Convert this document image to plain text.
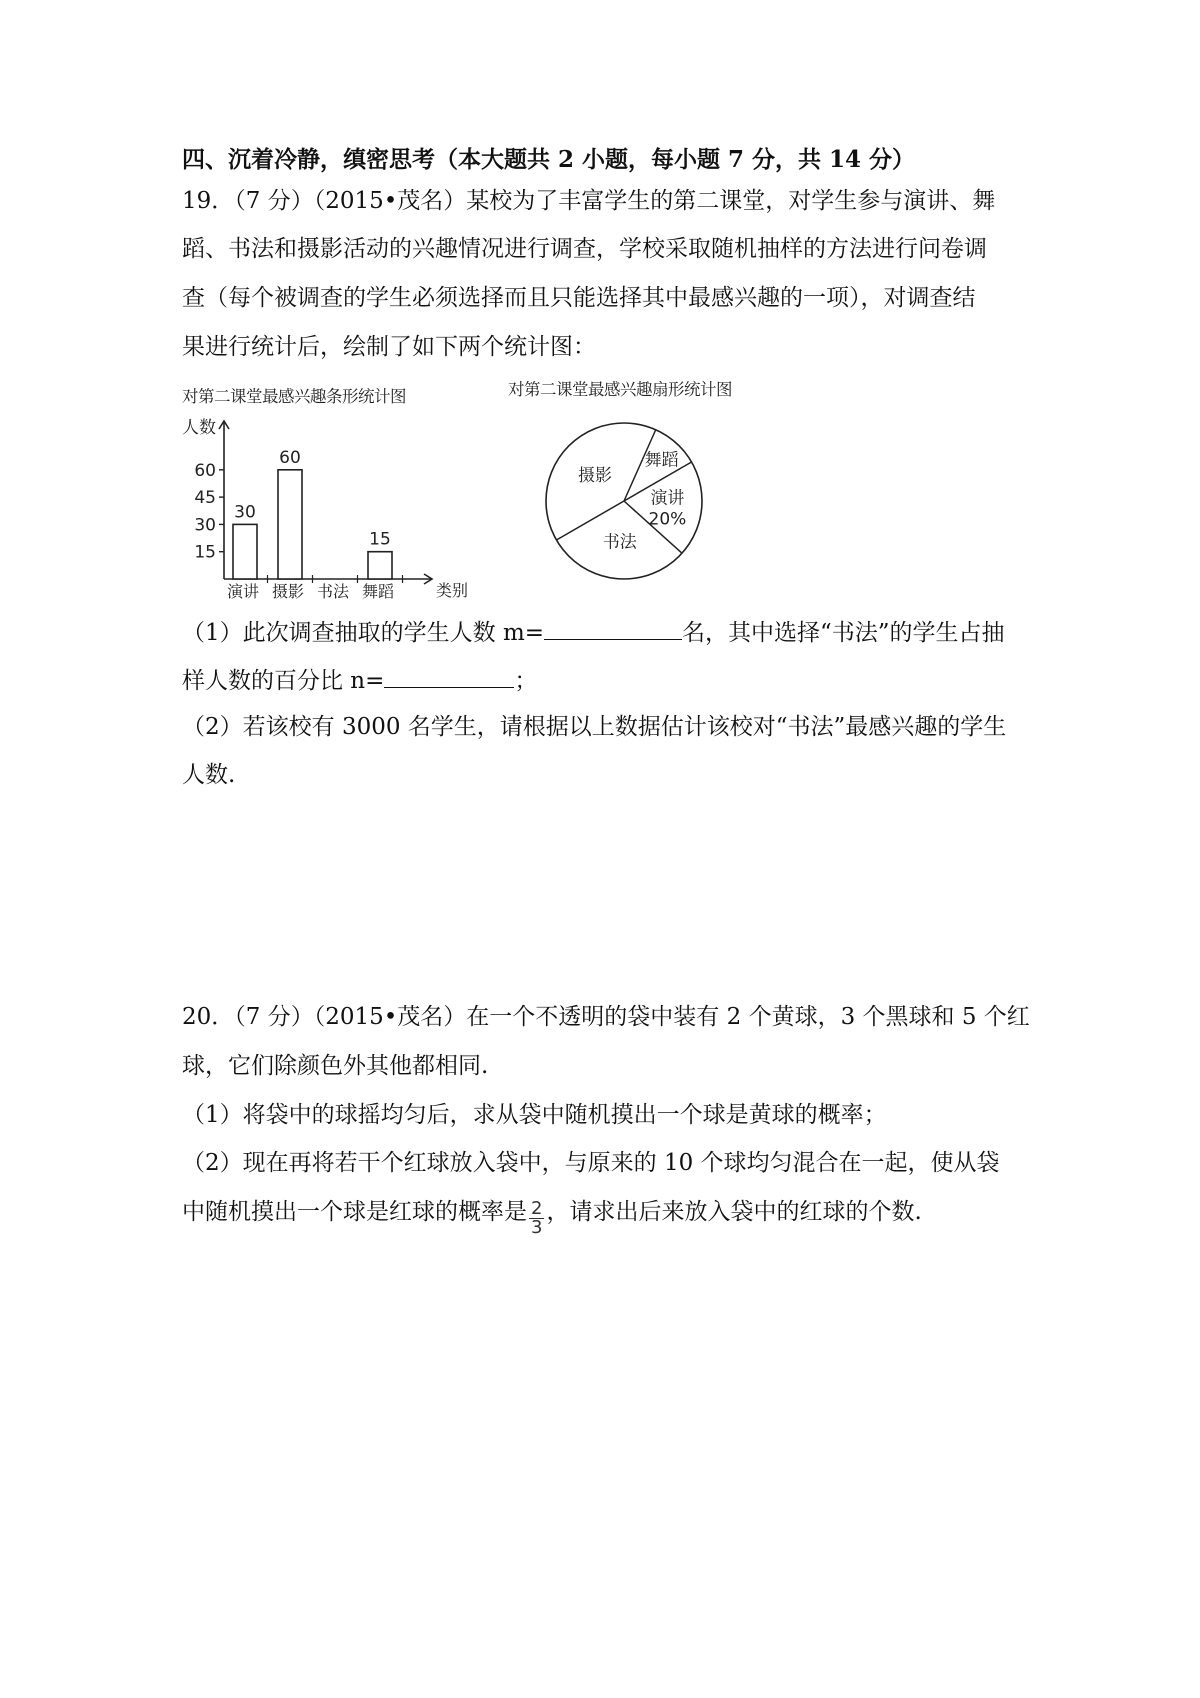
四、沉着冷静，缜密思考（本大题共 2 小题，每小题 7 分，共 14 分）
19．（7 分）（2015•茂名）某校为了丰富学生的第二课堂，对学生参与演讲、舞
蹈、书法和摄影活动的兴趣情况进行调查，学校采取随机抽样的方法进行问卷调
查（每个被调查的学生必须选择而且只能选择其中最感兴趣的一项），对调查结
果进行统计后，绘制了如下两个统计图：
对第二课堂最感兴趣条形统计图
人数
类别
15
30
45
60
演讲
30
摄影
60
书法 舞蹈
15
对第二课堂最感兴趣扇形统计图
演讲
20%
书法
摄影
舞蹈
（1）此次调查抽取的学生人数 m=	名，其中选择“书法”的学生占抽
样人数的百分比 n=	；
（2）若该校有 3000 名学生，请根据以上数据估计该校对“书法”最感兴趣的学生
人数.
20．（7 分）（2015•茂名）在一个不透明的袋中装有 2 个黄球，3 个黑球和 5 个红
球，它们除颜色外其他都相同.
（1）将袋中的球摇均匀后，求从袋中随机摸出一个球是黄球的概率；
（2）现在再将若干个红球放入袋中，与原来的 10 个球均匀混合在一起，使从袋
中随机摸出一个球是红球的概率是 $\frac{2}{3}$ ，请求出后来放入袋中的红球的个数.
